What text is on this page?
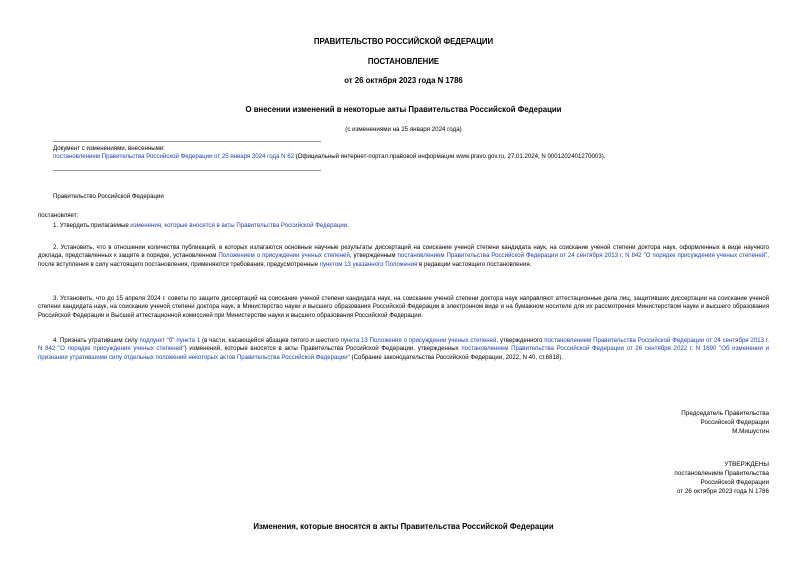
ПРАВИТЕЛЬСТВО РОССИЙСКОЙ ФЕДЕРАЦИИ
ПОСТАНОВЛЕНИЕ
от 26 октября 2023 года N 1786
О внесении изменений в некоторые акты Правительства Российской Федерации
(с изменениями на 25 января 2024 года)
Документ с изменениями, внесенными:
постановлением Правительства Российской Федерации от 25 января 2024 года N 62 (Официальный интернет-портал правовой информации www.pravo.gov.ru, 27.01.2024, N 0001202401270003).
Правительство Российской Федерации
постановляет:
1. Утвердить прилагаемые изменения, которые вносятся в акты Правительства Российской Федерации.
2. Установить, что в отношении количества публикаций, в которых излагаются основные научные результаты диссертаций на соискание ученой степени кандидата наук, на соискание ученой степени доктора наук, оформленных в виде научного доклада, представленных к защите в порядке, установленном Положением о присуждении ученых степеней, утвержденным постановлением Правительства Российской Федерации от 24 сентября 2013 г. N 842 "О порядке присуждения ученых степеней", после вступления в силу настоящего постановления, применяются требования, предусмотренные пунктом 13 указанного Положения в редакции настоящего постановления.
3. Установить, что до 15 апреля 2024 г. советы по защите диссертаций на соискание ученой степени кандидата наук, на соискание ученой степени доктора наук направляют аттестационные дела лиц, защитивших диссертации на соискание ученой степени кандидата наук, на соискание ученой степени доктора наук, в Министерство науки и высшего образования Российской Федерации в электронном виде и на бумажном носителе для их рассмотрения Министерством науки и высшего образования Российской Федерации и Высшей аттестационной комиссией при Министерстве науки и высшего образования Российской Федерации.
4. Признать утратившим силу подпункт "б" пункта 1 (в части, касающейся абзацев пятого и шестого пункта 13 Положения о присуждении ученых степеней, утвержденного постановлением Правительства Российской Федерации от 24 сентября 2013 г. N 842 "О порядке присуждения ученых степеней") изменений, которые вносятся в акты Правительства Российской Федерации, утвержденных постановлением Правительства Российской Федерации от 26 сентября 2022 г. N 1690 "Об изменении и признании утратившими силу отдельных положений некоторых актов Правительства Российской Федерации" (Собрание законодательства Российской Федерации, 2022, N 40, ст.6818).
Председатель Правительства
Российской Федерации
М.Мишустин
УТВЕРЖДЕНЫ
постановлением Правительства
Российской Федерации
от 26 октября 2023 года N 1786
Изменения, которые вносятся в акты Правительства Российской Федерации
